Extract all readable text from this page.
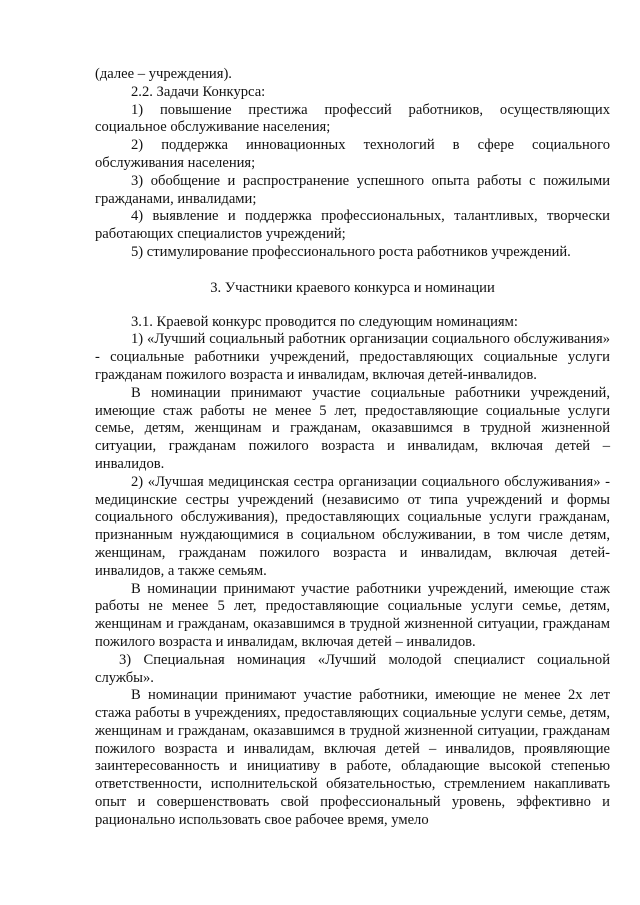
(далее – учреждения).

2.2. Задачи Конкурса:

1) повышение престижа профессий работников, осуществляющих социальное обслуживание населения;

2) поддержка инновационных технологий в сфере социального обслуживания населения;

3) обобщение и распространение успешного опыта работы с пожилыми гражданами, инвалидами;

4) выявление и поддержка профессиональных, талантливых, творчески работающих специалистов учреждений;

5) стимулирование профессионального роста работников учреждений.

3. Участники краевого конкурса и номинации

3.1. Краевой конкурс проводится по следующим номинациям:

1) «Лучший социальный работник организации социального обслуживания» - социальные работники учреждений, предоставляющих социальные услуги гражданам пожилого возраста и инвалидам, включая детей-инвалидов.

В номинации принимают участие социальные работники учреждений, имеющие стаж работы не менее 5 лет, предоставляющие социальные услуги семье, детям, женщинам и гражданам, оказавшимся в трудной жизненной ситуации, гражданам пожилого возраста и инвалидам, включая детей – инвалидов.

2) «Лучшая медицинская сестра организации социального обслуживания» - медицинские сестры учреждений (независимо от типа учреждений и формы социального обслуживания), предоставляющих социальные услуги гражданам, признанным нуждающимися в социальном обслуживании, в том числе детям, женщинам, гражданам пожилого возраста и инвалидам, включая детей-инвалидов, а также семьям.

В номинации принимают участие работники учреждений, имеющие стаж работы не менее 5 лет, предоставляющие социальные услуги семье, детям, женщинам и гражданам, оказавшимся в трудной жизненной ситуации, гражданам пожилого возраста и инвалидам, включая детей – инвалидов.

3) Специальная номинация «Лучший молодой специалист социальной службы».

В номинации принимают участие работники, имеющие не менее 2х лет стажа работы в учреждениях, предоставляющих социальные услуги семье, детям, женщинам и гражданам, оказавшимся в трудной жизненной ситуации, гражданам пожилого возраста и инвалидам, включая детей – инвалидов, проявляющие заинтересованность и инициативу в работе, обладающие высокой степенью ответственности, исполнительской обязательностью, стремлением накапливать опыт и совершенствовать свой профессиональный уровень, эффективно и рационально использовать свое рабочее время, умело
